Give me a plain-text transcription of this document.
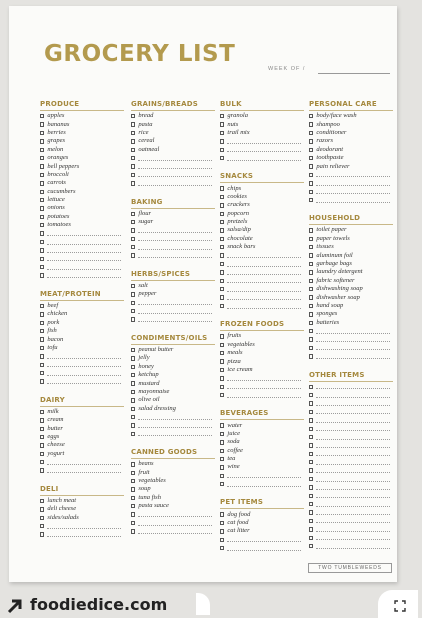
GROCERY LIST
WEEK OF /
PRODUCE
apples
bananas
berries
grapes
melon
oranges
bell peppers
broccoli
carrots
cucumbers
lettuce
onions
potatoes
tomatoes
MEAT/PROTEIN
beef
chicken
pork
fish
bacon
tofu
DAIRY
milk
cream
butter
eggs
cheese
yogurt
DELI
lunch meat
deli cheese
sides/salads
GRAINS/BREADS
bread
pasta
rice
cereal
oatmeal
BAKING
flour
sugar
HERBS/SPICES
salt
pepper
CONDIMENTS/OILS
peanut butter
jelly
honey
ketchup
mustard
mayonnaise
olive oil
salad dressing
CANNED GOODS
beans
fruit
vegetables
soup
tuna fish
pasta sauce
BULK
granola
nuts
trail mix
SNACKS
chips
cookies
crackers
popcorn
pretzels
salsa/dip
chocolate
snack bars
FROZEN FOODS
fruits
vegetables
meals
pizza
ice cream
BEVERAGES
water
juice
soda
coffee
tea
wine
PET ITEMS
dog food
cat food
cat litter
PERSONAL CARE
body/face wash
shampoo
conditioner
razors
deodorant
toothpaste
pain reliever
HOUSEHOLD
toilet paper
paper towels
tissues
aluminum foil
garbage bags
laundry detergent
fabric softener
dishwashing soap
dishwasher soap
hand soap
sponges
batteries
OTHER ITEMS
TWO TUMBLEWEEDS
foodiedice.com
